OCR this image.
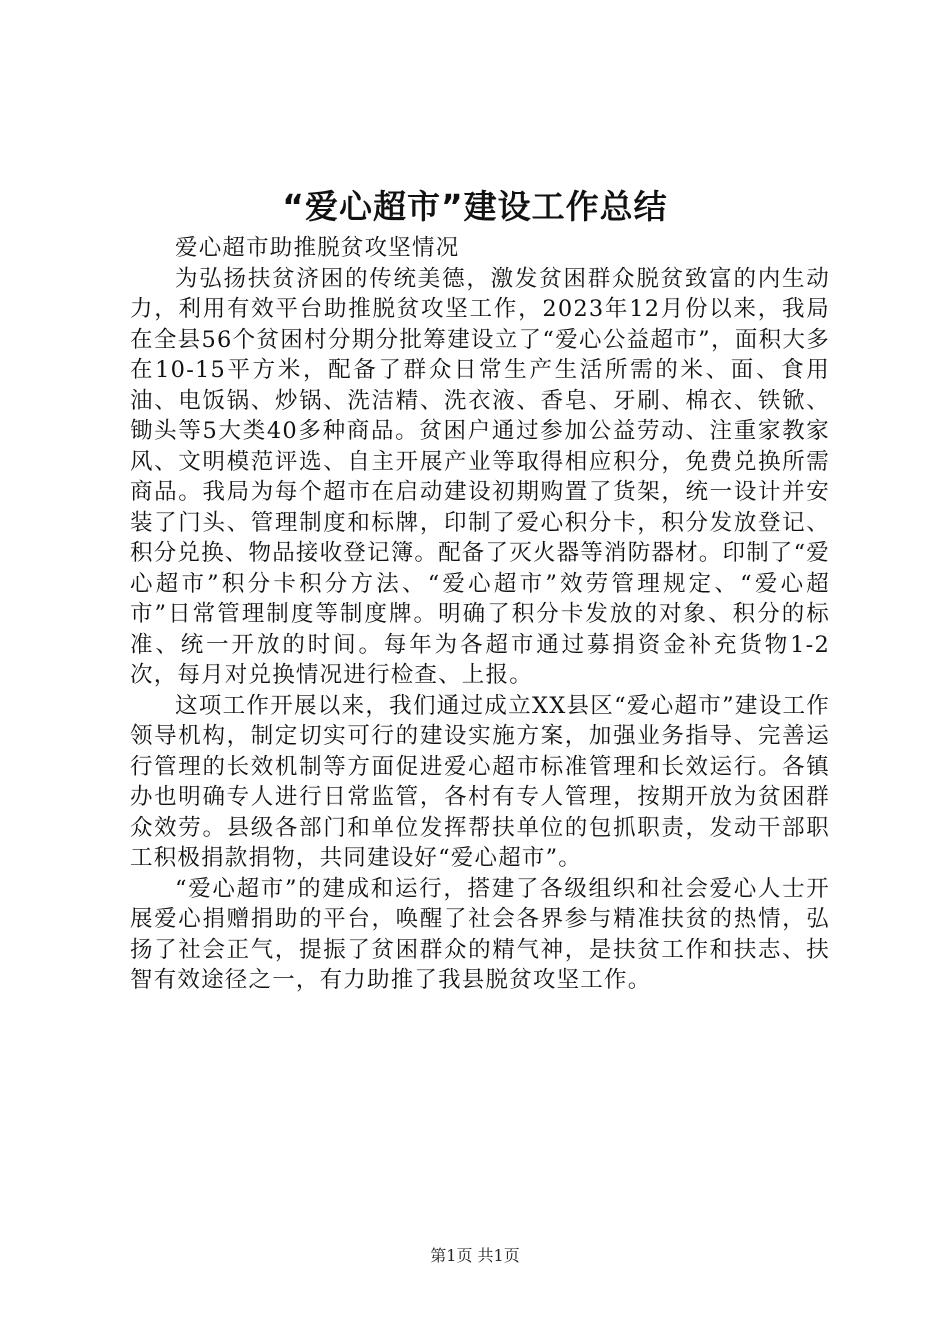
“爱心超市”建设工作总结

爱心超市助推脱贫攻坚情况

为弘扬扶贫济困的传统美德，激发贫困群众脱贫致富的内生动力，利用有效平台助推脱贫攻坚工作，2023年12月份以来，我局在全县56个贫困村分期分批筹建设立了“爱心公益超市”，面积大多在10-15平方米，配备了群众日常生产生活所需的米、面、食用油、电饭锅、炒锅、洗洁精、洗衣液、香皂、牙刷、棉衣、铁锨、锄头等5大类40多种商品。贫困户通过参加公益劳动、注重家教家风、文明模范评选、自主开展产业等取得相应积分，免费兑换所需商品。我局为每个超市在启动建设初期购置了货架，统一设计并安装了门头、管理制度和标牌，印制了爱心积分卡，积分发放登记、积分兑换、物品接收登记簿。配备了灭火器等消防器材。印制了“爱心超市”积分卡积分方法、“爱心超市”效劳管理规定、“爱心超市”日常管理制度等制度牌。明确了积分卡发放的对象、积分的标准、统一开放的时间。每年为各超市通过募捐资金补充货物1-2次，每月对兑换情况进行检查、上报。

这项工作开展以来，我们通过成立XX县区“爱心超市”建设工作领导机构，制定切实可行的建设实施方案，加强业务指导、完善运行管理的长效机制等方面促进爱心超市标准管理和长效运行。各镇办也明确专人进行日常监管，各村有专人管理，按期开放为贫困群众效劳。县级各部门和单位发挥帮扶单位的包抓职责，发动干部职工积极捐款捐物，共同建设好“爱心超市”。

“爱心超市”的建成和运行，搭建了各级组织和社会爱心人士开展爱心捐赠捐助的平台，唤醒了社会各界参与精准扶贫的热情，弘扬了社会正气，提振了贫困群众的精气神，是扶贫工作和扶志、扶智有效途径之一，有力助推了我县脱贫攻坚工作。

第1页 共1页
